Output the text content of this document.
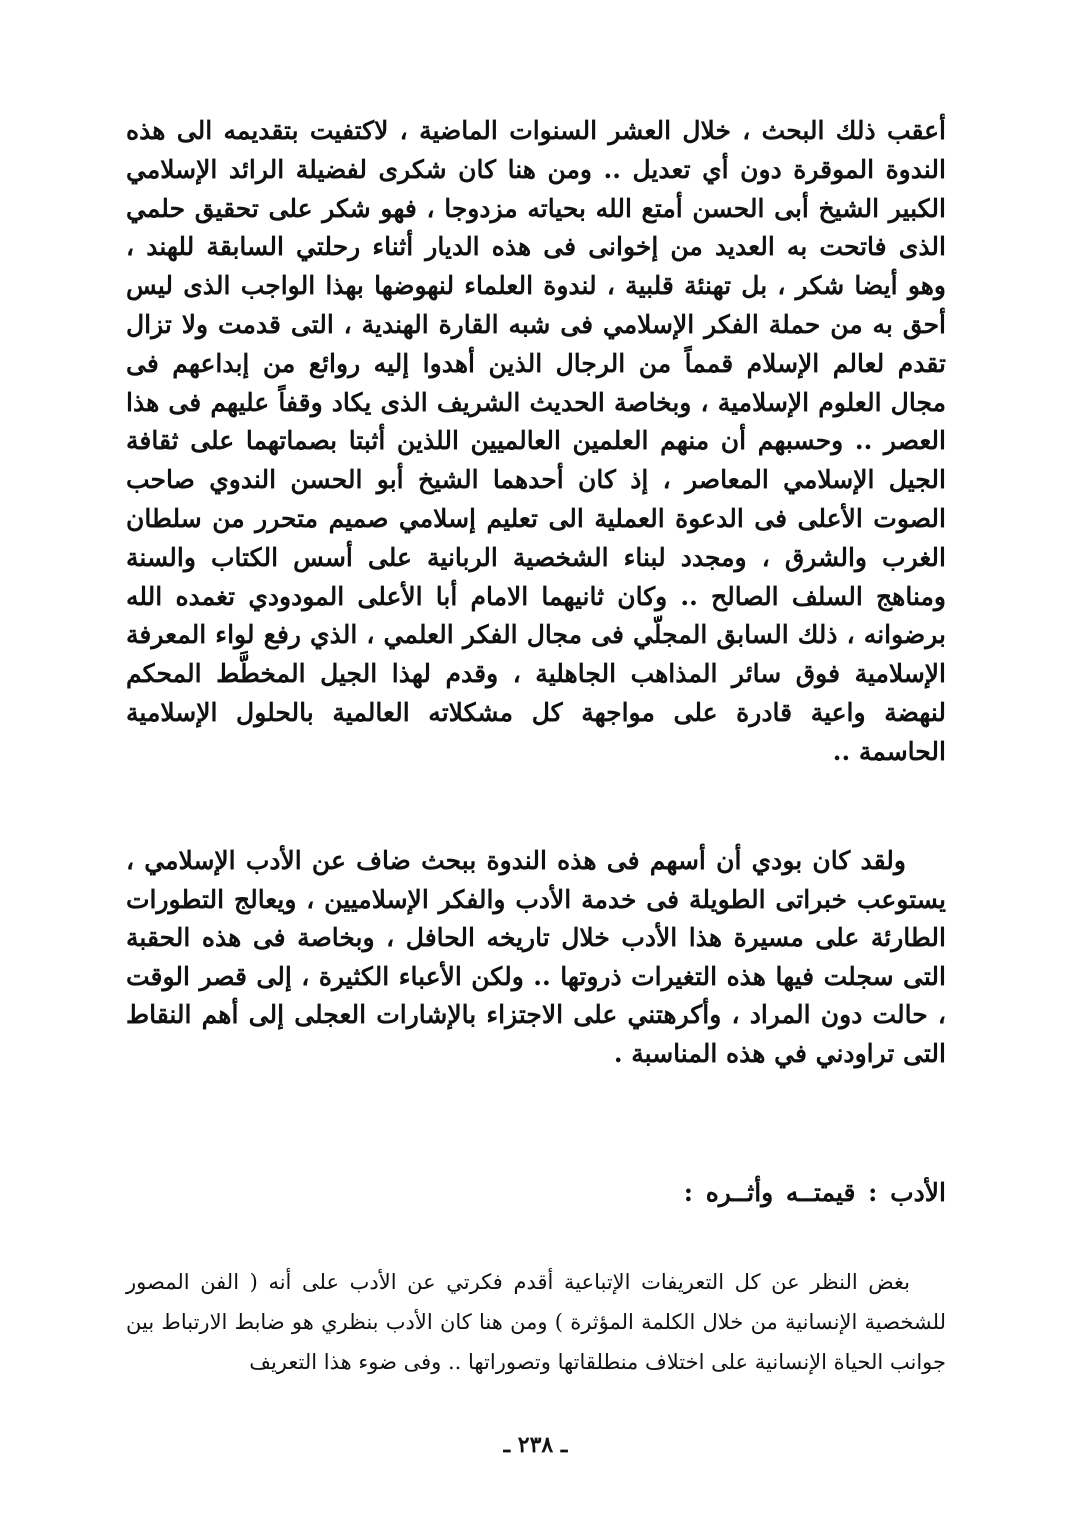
أعقب ذلك البحث ، خلال العشر السنوات الماضية ، لاكتفيت بتقديمه الى هذه الندوة الموقرة دون أي تعديل .. ومن هنا كان شكرى لفضيلة الرائد الإسلامي الكبير الشيخ أبى الحسن أمتع الله بحياته مزدوجا ، فهو شكر على تحقيق حلمي الذى فاتحت به العديد من إخوانى فى هذه الديار أثناء رحلتي السابقة للهند ، وهو أيضا شكر ، بل تهنئة قلبية ، لندوة العلماء لنهوضها بهذا الواجب الذى ليس أحق به من حملة الفكر الإسلامي فى شبه القارة الهندية ، التى قدمت ولا تزال تقدم لعالم الإسلام قمماً من الرجال الذين أهدوا إليه روائع من إبداعهم فى مجال العلوم الإسلامية ، وبخاصة الحديث الشريف الذى يكاد وقفاً عليهم فى هذا العصر .. وحسبهم أن منهم العلمين العالميين اللذين أثبتا بصماتهما على ثقافة الجيل الإسلامي المعاصر ، إذ كان أحدهما الشيخ أبو الحسن الندوي صاحب الصوت الأعلى فى الدعوة العملية الى تعليم إسلامي صميم متحرر من سلطان الغرب والشرق ، ومجدد لبناء الشخصية الربانية على أسس الكتاب والسنة ومناهج السلف الصالح .. وكان ثانيهما الامام أبا الأعلى المودودي تغمده الله برضوانه ، ذلك السابق المجلّي فى مجال الفكر العلمي ، الذي رفع لواء المعرفة الإسلامية فوق سائر المذاهب الجاهلية ، وقدم لهذا الجيل المخطَّط المحكم لنهضة واعية قادرة على مواجهة كل مشكلاته العالمية بالحلول الإسلامية الحاسمة ..

ولقد كان بودي أن أسهم فى هذه الندوة ببحث ضاف عن الأدب الإسلامي ، يستوعب خبراتى الطويلة فى خدمة الأدب والفكر الإسلاميين ، ويعالج التطورات الطارئة على مسيرة هذا الأدب خلال تاريخه الحافل ، وبخاصة فى هذه الحقبة التى سجلت فيها هذه التغيرات ذروتها .. ولكن الأعباء الكثيرة ، إلى قصر الوقت ، حالت دون المراد ، وأكرهتني على الاجتزاء بالإشارات العجلى إلى أهم النقاط التى تراودني في هذه المناسبة .

الأدب : قيمتــه وأثــره :

بغض النظر عن كل التعريفات الإتباعية أقدم فكرتي عن الأدب على أنه ( الفن المصور للشخصية الإنسانية من خلال الكلمة المؤثرة ) ومن هنا كان الأدب بنظري هو ضابط الارتباط بين جوانب الحياة الإنسانية على اختلاف منطلقاتها وتصوراتها .. وفى ضوء هذا التعريف

ـ ٢٣٨ ـ
